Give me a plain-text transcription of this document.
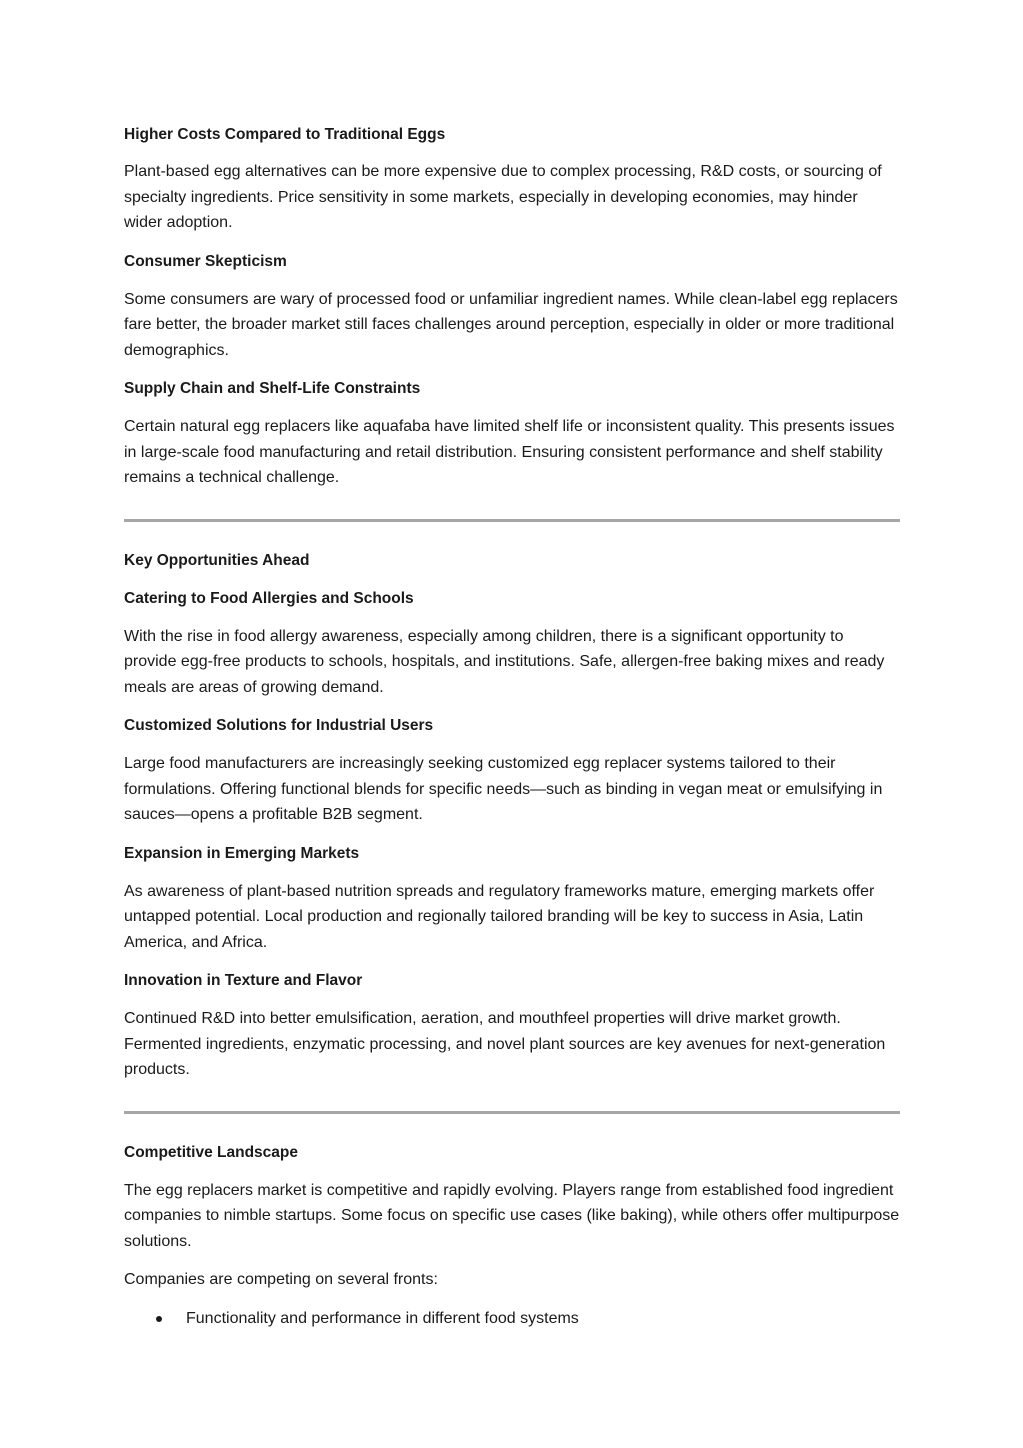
Higher Costs Compared to Traditional Eggs
Plant-based egg alternatives can be more expensive due to complex processing, R&D costs, or sourcing of specialty ingredients. Price sensitivity in some markets, especially in developing economies, may hinder wider adoption.
Consumer Skepticism
Some consumers are wary of processed food or unfamiliar ingredient names. While clean-label egg replacers fare better, the broader market still faces challenges around perception, especially in older or more traditional demographics.
Supply Chain and Shelf-Life Constraints
Certain natural egg replacers like aquafaba have limited shelf life or inconsistent quality. This presents issues in large-scale food manufacturing and retail distribution. Ensuring consistent performance and shelf stability remains a technical challenge.
Key Opportunities Ahead
Catering to Food Allergies and Schools
With the rise in food allergy awareness, especially among children, there is a significant opportunity to provide egg-free products to schools, hospitals, and institutions. Safe, allergen-free baking mixes and ready meals are areas of growing demand.
Customized Solutions for Industrial Users
Large food manufacturers are increasingly seeking customized egg replacer systems tailored to their formulations. Offering functional blends for specific needs—such as binding in vegan meat or emulsifying in sauces—opens a profitable B2B segment.
Expansion in Emerging Markets
As awareness of plant-based nutrition spreads and regulatory frameworks mature, emerging markets offer untapped potential. Local production and regionally tailored branding will be key to success in Asia, Latin America, and Africa.
Innovation in Texture and Flavor
Continued R&D into better emulsification, aeration, and mouthfeel properties will drive market growth. Fermented ingredients, enzymatic processing, and novel plant sources are key avenues for next-generation products.
Competitive Landscape
The egg replacers market is competitive and rapidly evolving. Players range from established food ingredient companies to nimble startups. Some focus on specific use cases (like baking), while others offer multipurpose solutions.
Companies are competing on several fronts:
Functionality and performance in different food systems
